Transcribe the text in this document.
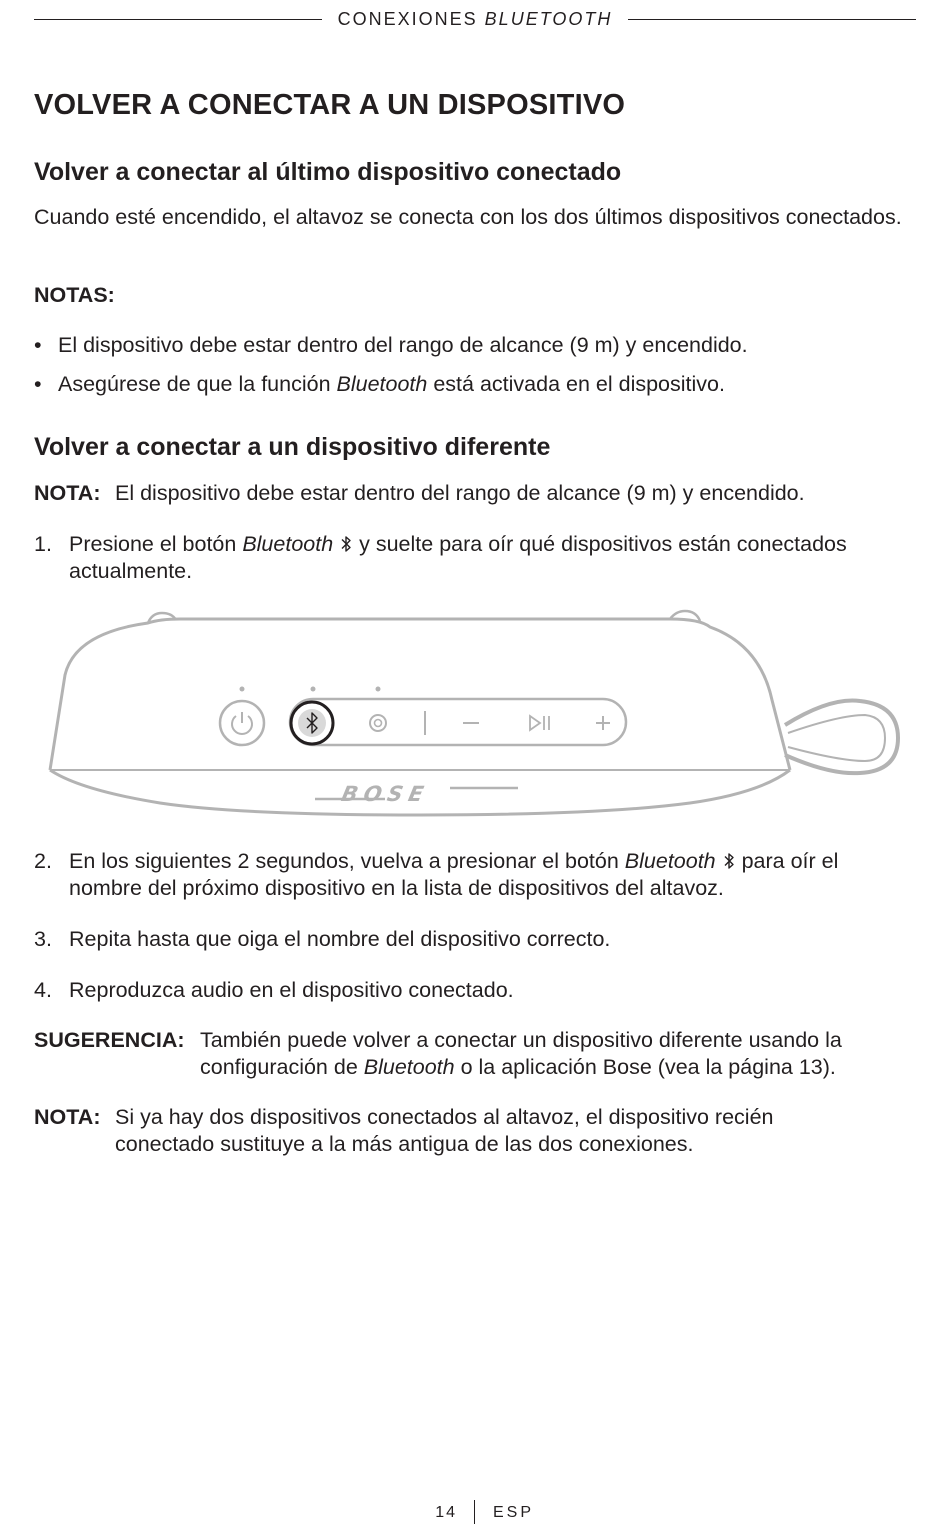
CONEXIONES BLUETOOTH
VOLVER A CONECTAR A UN DISPOSITIVO
Volver a conectar al último dispositivo conectado

Cuando esté encendido, el altavoz se conecta con los dos últimos dispositivos conectados.

NOTAS:

• El dispositivo debe estar dentro del rango de alcance (9 m) y encendido.
• Asegúrese de que la función Bluetooth está activada en el dispositivo.
Volver a conectar a un dispositivo diferente
NOTA: El dispositivo debe estar dentro del rango de alcance (9 m) y encendido.
1. Presione el botón Bluetooth  y suelte para oír qué dispositivos están conectados actualmente.
BOSE
2. En los siguientes 2 segundos, vuelva a presionar el botón Bluetooth  para oír el nombre del próximo dispositivo en la lista de dispositivos del altavoz.
3. Repita hasta que oiga el nombre del dispositivo correcto.
4. Reproduzca audio en el dispositivo conectado.
SUGERENCIA: También puede volver a conectar un dispositivo diferente usando la configuración de Bluetooth o la aplicación Bose (vea la página 13).
NOTA: Si ya hay dos dispositivos conectados al altavoz, el dispositivo recién conectado sustituye a la más antigua de las dos conexiones.
14 ESP
